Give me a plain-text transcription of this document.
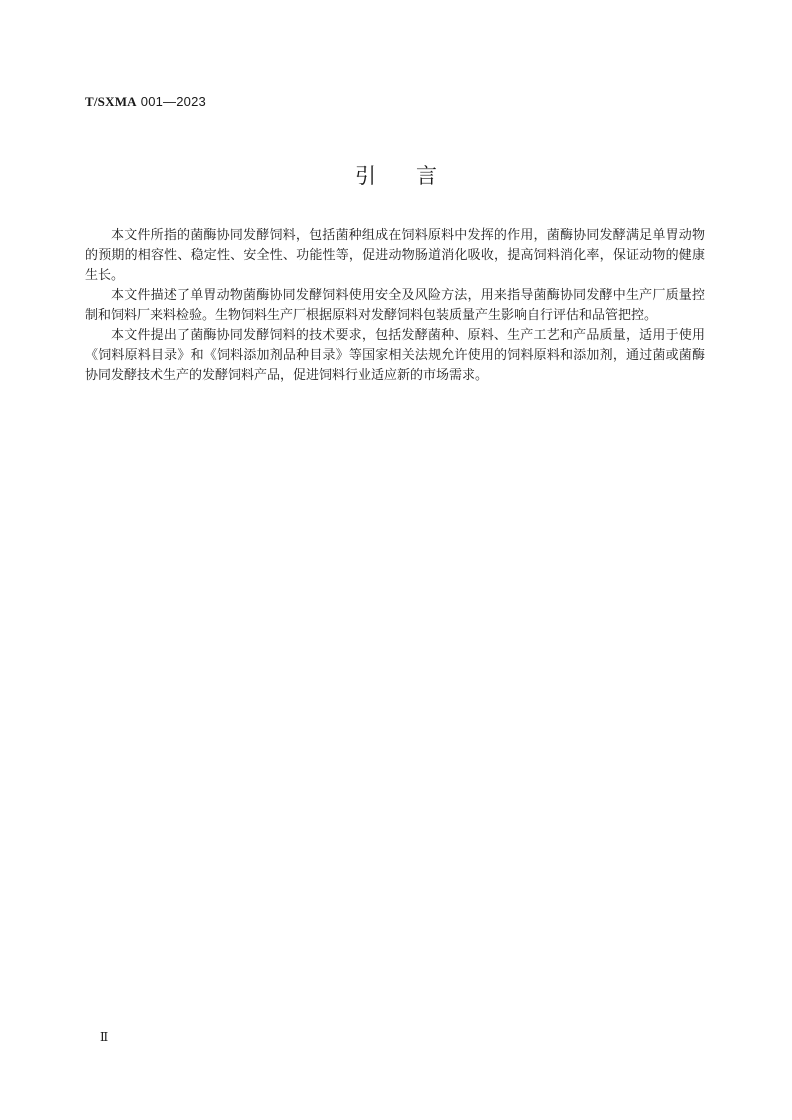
T/SXMA 001—2023
引言

本文件所指的菌酶协同发酵饲料，包括菌种组成在饲料原料中发挥的作用，菌酶协同发酵满足单胃动物的预期的相容性、稳定性、安全性、功能性等，促进动物肠道消化吸收，提高饲料消化率，保证动物的健康生长。

本文件描述了单胃动物菌酶协同发酵饲料使用安全及风险方法，用来指导菌酶协同发酵中生产厂质量控制和饲料厂来料检验。生物饲料生产厂根据原料对发酵饲料包装质量产生影响自行评估和品管把控。

本文件提出了菌酶协同发酵饲料的技术要求，包括发酵菌种、原料、生产工艺和产品质量，适用于使用《饲料原料目录》和《饲料添加剂品种目录》等国家相关法规允许使用的饲料原料和添加剂，通过菌或菌酶协同发酵技术生产的发酵饲料产品，促进饲料行业适应新的市场需求。

Ⅱ
